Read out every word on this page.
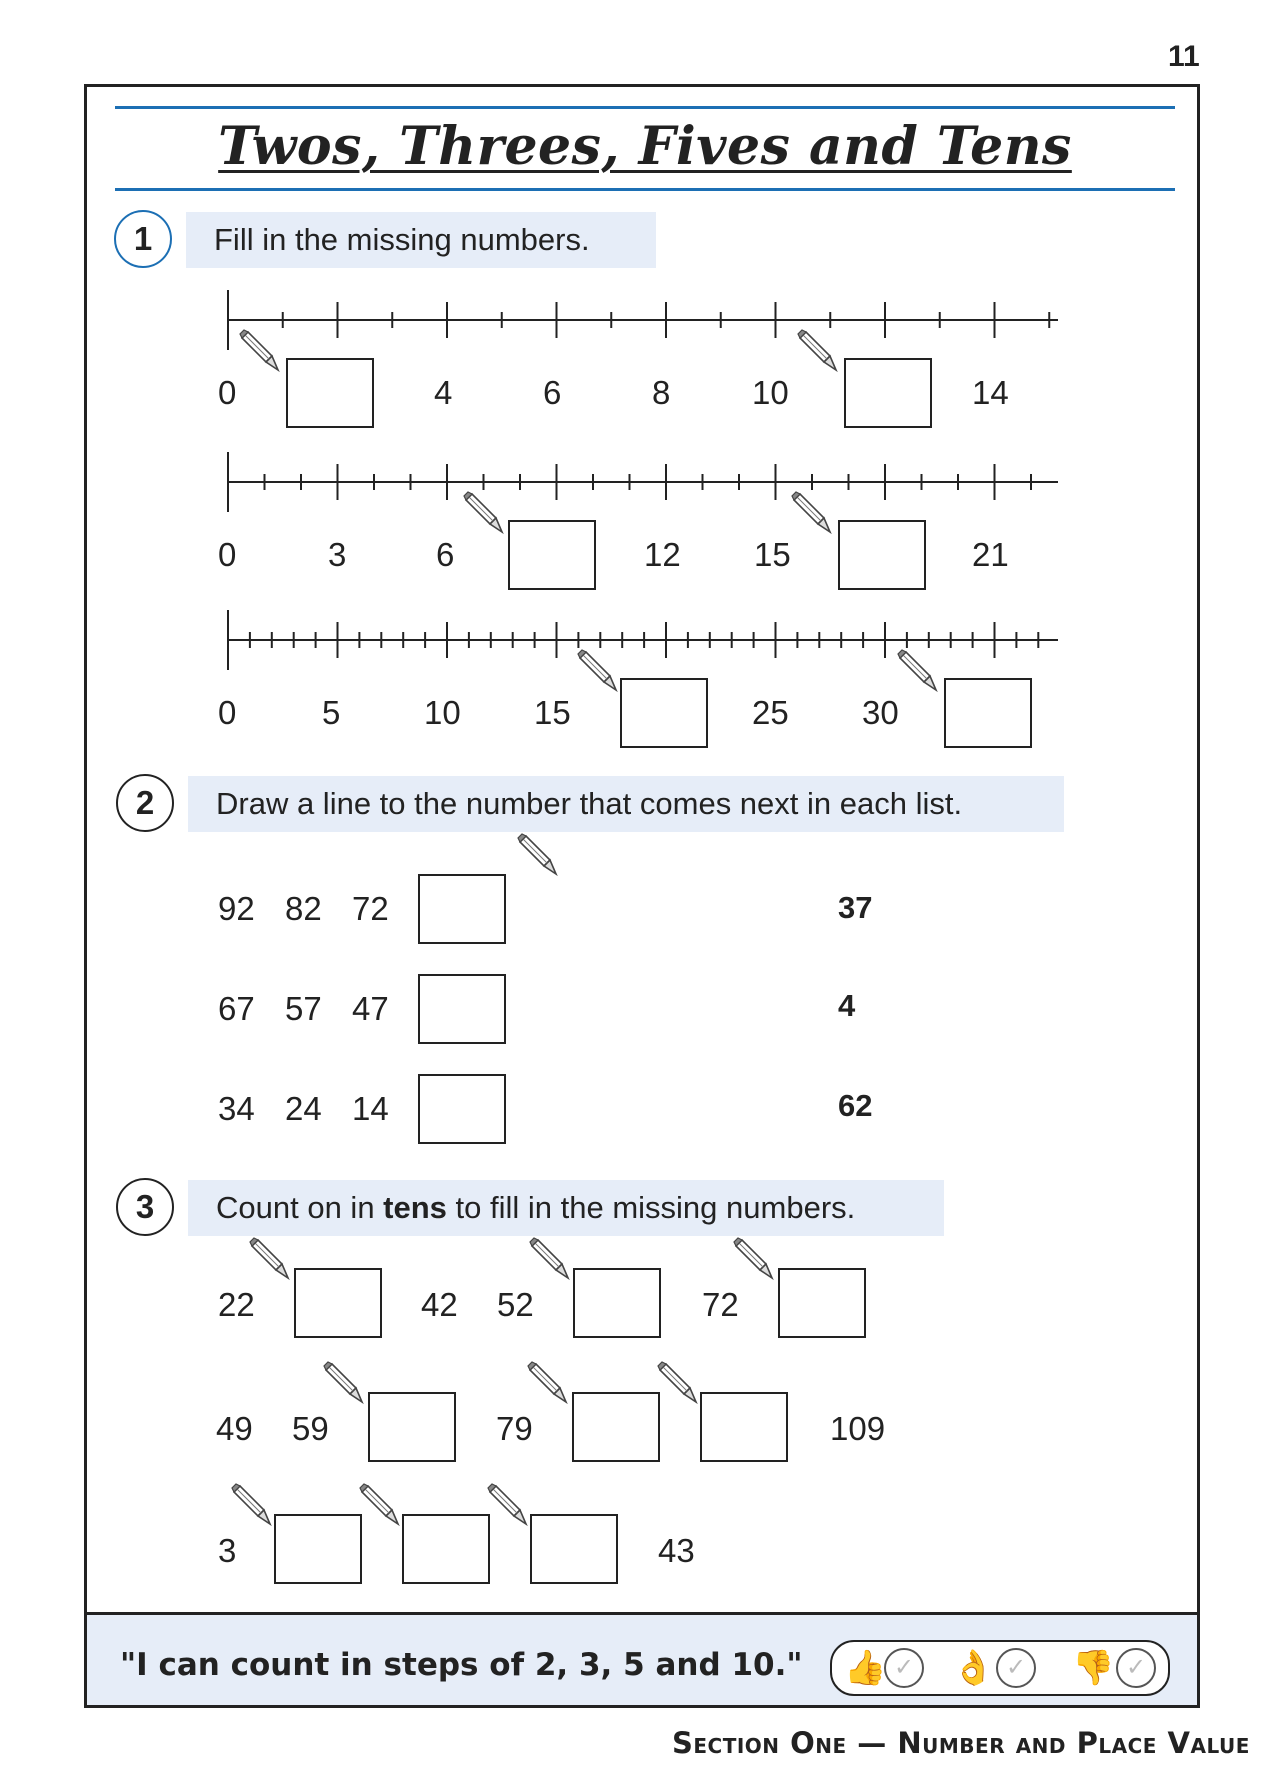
11
Twos, Threes, Fives and Tens
1	Fill in the missing numbers.
0	4	6	8 10	14
0	3	6	12 15	21
0	5	10 15	25 30
2	Draw a line to the number that comes next in each list.
92 82 72
67 57 47
34 24 14
37
4
62
3	Count on in tens to fill in the missing numbers.
22	42 52	72
49 59	79	109
3	43
"I can count in steps of 2, 3, 5 and 10." 👍 ✓ 👌 ✓ 👎 ✓
Section One — Number and Place Value
